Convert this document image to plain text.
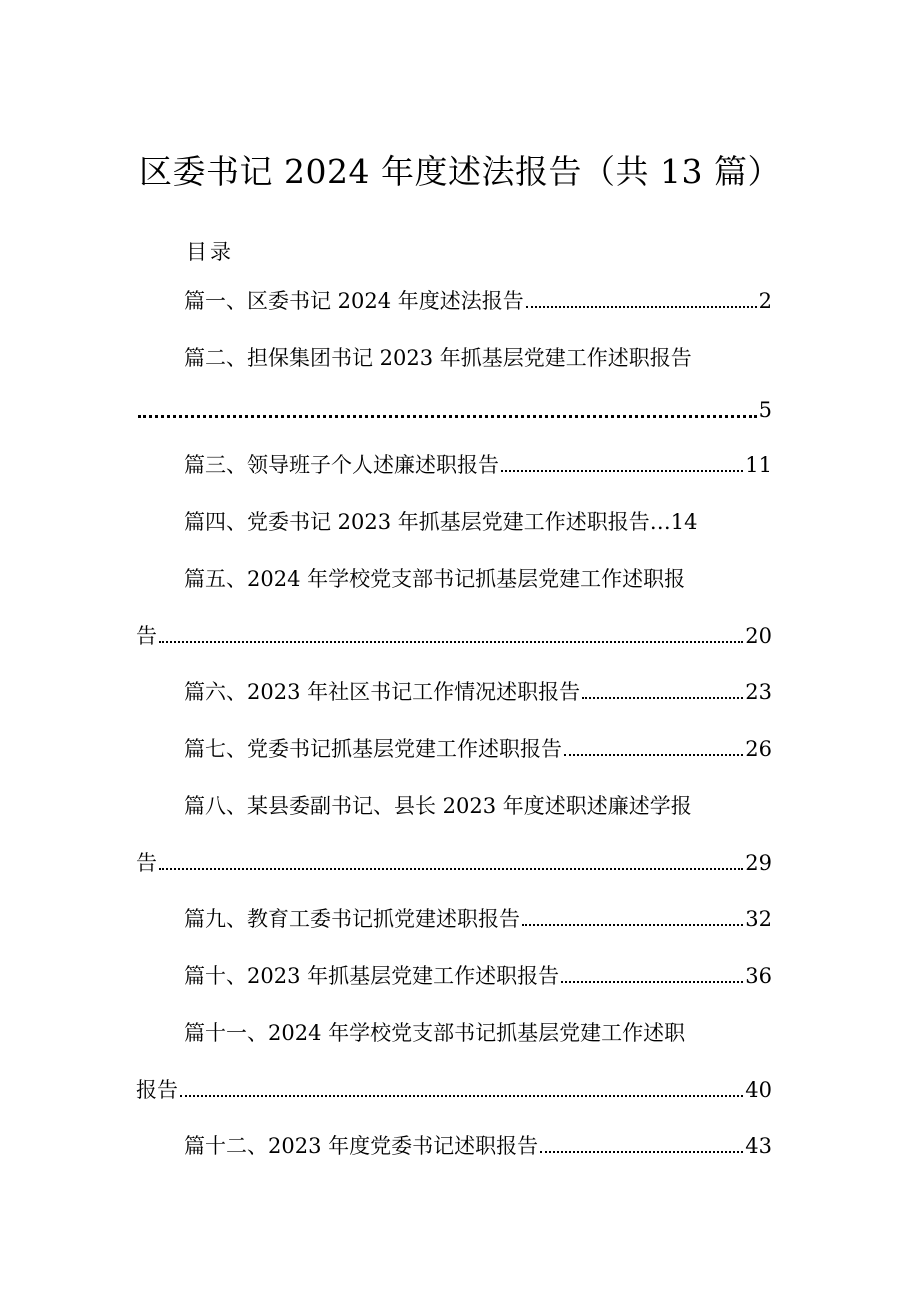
区委书记 2024 年度述法报告（共 13 篇）
目录
篇一、区委书记 2024 年度述法报告	2
篇二、担保集团书记 2023 年抓基层党建工作述职报告
5
篇三、领导班子个人述廉述职报告	11
篇四、党委书记 2023 年抓基层党建工作述职报告… 14
篇五、2024 年学校党支部书记抓基层党建工作述职报
告	20
篇六、2023 年社区书记工作情况述职报告	23
篇七、党委书记抓基层党建工作述职报告	26
篇八、某县委副书记、县长 2023 年度述职述廉述学报
告	29
篇九、教育工委书记抓党建述职报告	32
篇十、2023 年抓基层党建工作述职报告	36
篇十一、2024 年学校党支部书记抓基层党建工作述职
报告	40
篇十二、2023 年度党委书记述职报告	43
